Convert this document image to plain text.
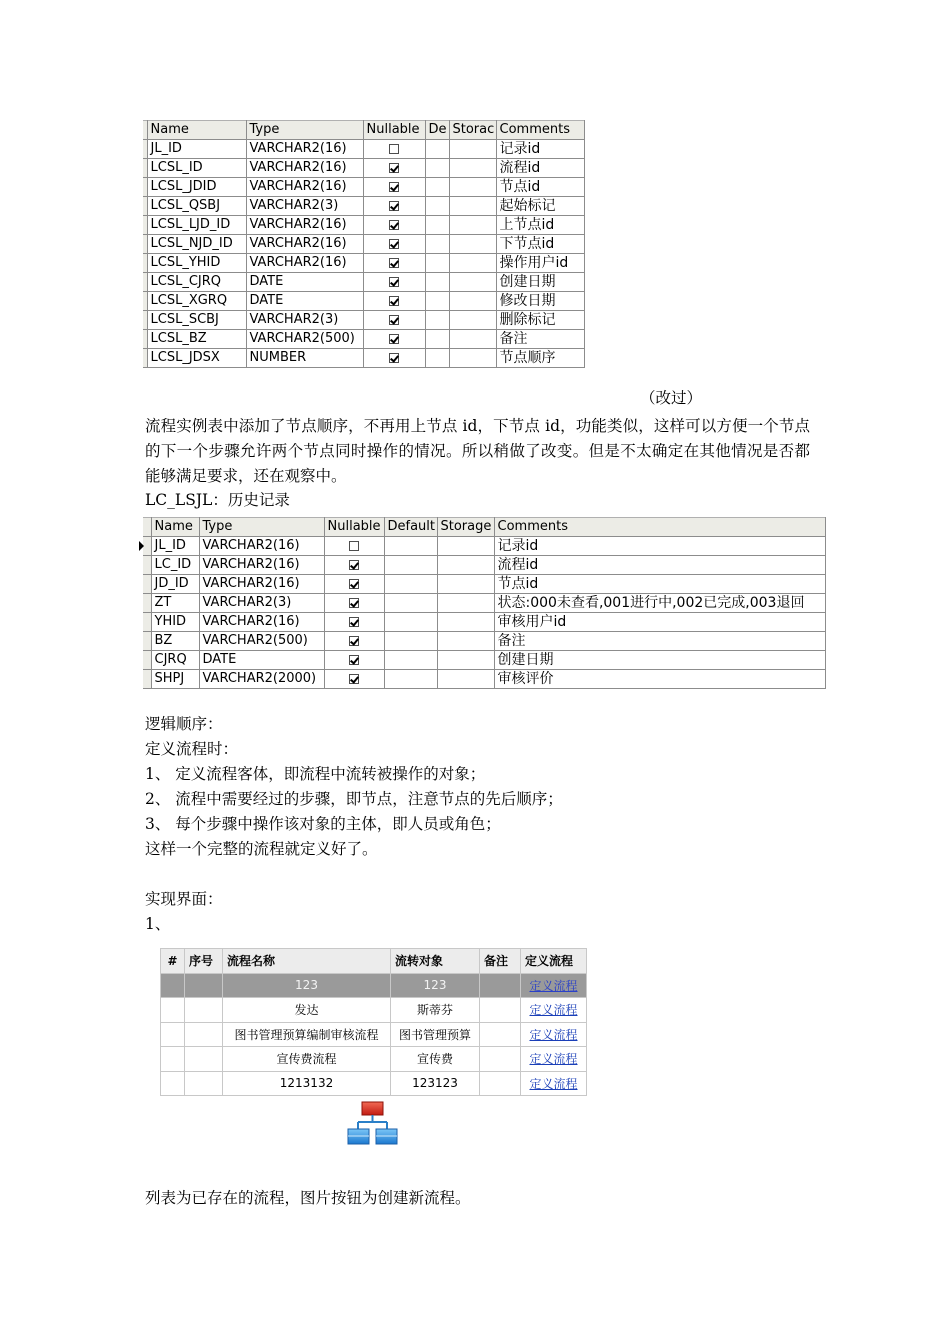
	Name	Type	Nullable	De	Storac	Comments
	JL_ID	VARCHAR2(16)				记录id
	LCSL_ID	VARCHAR2(16)				流程id
	LCSL_JDID	VARCHAR2(16)				节点id
	LCSL_QSBJ	VARCHAR2(3)				起始标记
	LCSL_LJD_ID	VARCHAR2(16)				上节点id
	LCSL_NJD_ID	VARCHAR2(16)				下节点id
	LCSL_YHID	VARCHAR2(16)				操作用户id
	LCSL_CJRQ	DATE				创建日期
	LCSL_XGRQ	DATE				修改日期
	LCSL_SCBJ	VARCHAR2(3)				删除标记
	LCSL_BZ	VARCHAR2(500)				备注
	LCSL_JDSX	NUMBER				节点顺序
（改过）

流程实例表中添加了节点顺序，不再用上节点 id，下节点 id，功能类似，这样可以方便一个节点的下一个步骤允许两个节点同时操作的情况。所以稍做了改变。但是不太确定在其他情况是否都能够满足要求，还在观察中。

LC_LSJL：历史记录
	Name	Type	Nullable	Default	Storage	Comments

	JL_ID	VARCHAR2(16)				记录id
	LC_ID	VARCHAR2(16)				流程id
	JD_ID	VARCHAR2(16)				节点id
	ZT	VARCHAR2(3)				状态:000未查看,001进行中,002已完成,003退回
	YHID	VARCHAR2(16)				审核用户id
	BZ	VARCHAR2(500)				备注
	CJRQ	DATE				创建日期
	SHPJ	VARCHAR2(2000)				审核评价
逻辑顺序：
定义流程时：
1、 定义流程客体，即流程中流转被操作的对象；
2、 流程中需要经过的步骤，即节点，注意节点的先后顺序；
3、 每个步骤中操作该对象的主体，即人员或角色；
这样一个完整的流程就定义好了。
实现界面：
1、
#	序号	流程名称	流转对象	备注	定义流程
		123	123		定义流程
		发达	斯蒂芬		定义流程
		图书管理预算编制审核流程	图书管理预算		定义流程
		宣传费流程	宣传费		定义流程
		1213132	123123		定义流程
列表为已存在的流程，图片按钮为创建新流程。
